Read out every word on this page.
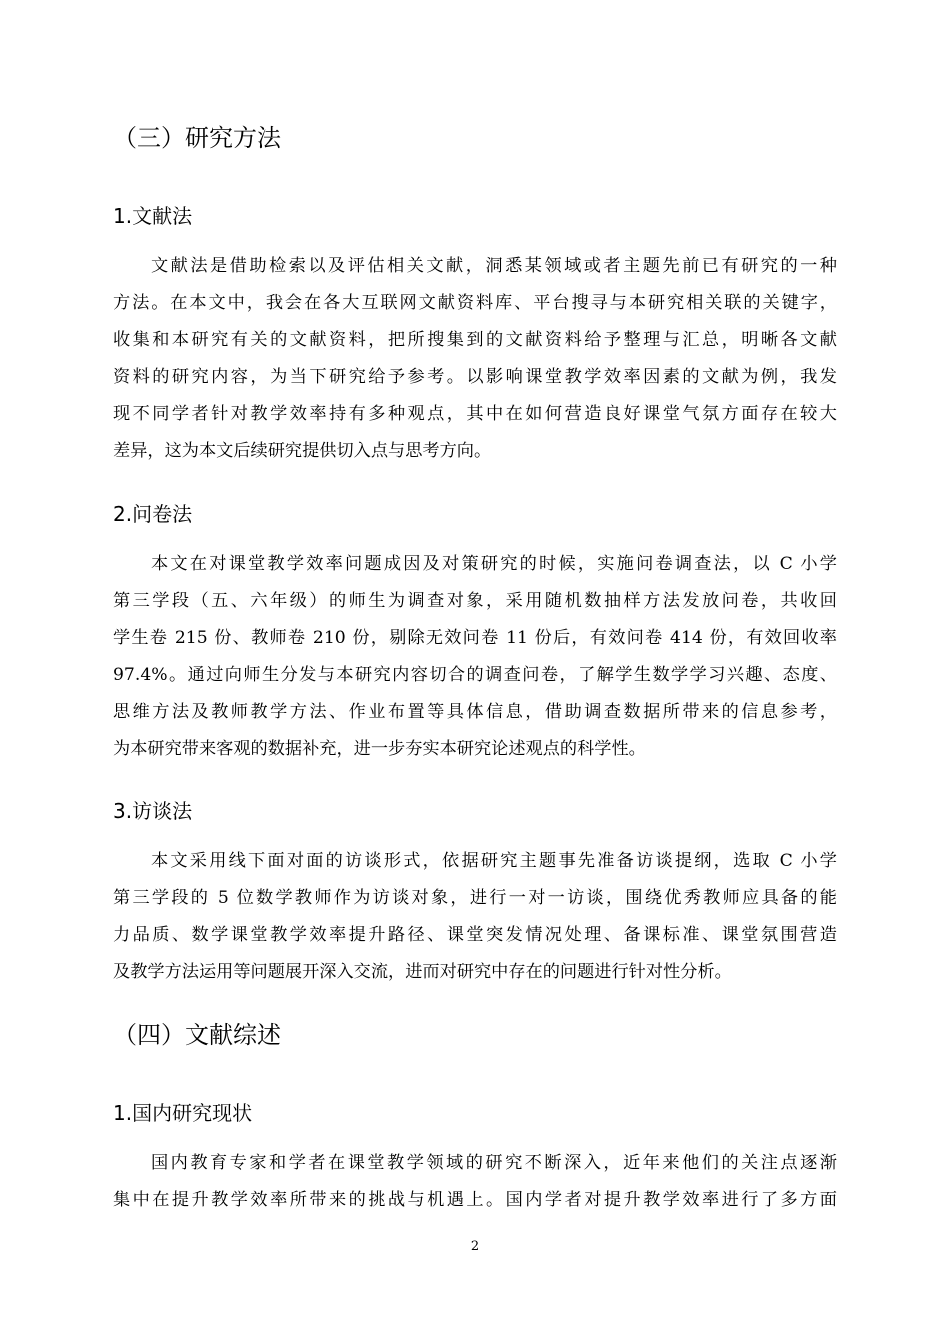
（三）研究方法
1.文献法
文献法是借助检索以及评估相关文献，洞悉某领域或者主题先前已有研究的一种
方法。在本文中，我会在各大互联网文献资料库、平台搜寻与本研究相关联的关键字，
收集和本研究有关的文献资料，把所搜集到的文献资料给予整理与汇总，明晰各文献
资料的研究内容，为当下研究给予参考。以影响课堂教学效率因素的文献为例，我发
现不同学者针对教学效率持有多种观点，其中在如何营造良好课堂气氛方面存在较大
差异，这为本文后续研究提供切入点与思考方向。
2.问卷法
本文在对课堂教学效率问题成因及对策研究的时候，实施问卷调查法，以 C 小学
第三学段（五、六年级）的师生为调查对象，采用随机数抽样方法发放问卷，共收回
学生卷 215 份、教师卷 210 份，剔除无效问卷 11 份后，有效问卷 414 份，有效回收率
97.4%。通过向师生分发与本研究内容切合的调查问卷，了解学生数学学习兴趣、态度、
思维方法及教师教学方法、作业布置等具体信息，借助调查数据所带来的信息参考，
为本研究带来客观的数据补充，进一步夯实本研究论述观点的科学性。
3.访谈法
本文采用线下面对面的访谈形式，依据研究主题事先准备访谈提纲，选取 C 小学
第三学段的 5 位数学教师作为访谈对象，进行一对一访谈，围绕优秀教师应具备的能
力品质、数学课堂教学效率提升路径、课堂突发情况处理、备课标准、课堂氛围营造
及教学方法运用等问题展开深入交流，进而对研究中存在的问题进行针对性分析。
（四）文献综述
1.国内研究现状
国内教育专家和学者在课堂教学领域的研究不断深入，近年来他们的关注点逐渐
集中在提升教学效率所带来的挑战与机遇上。国内学者对提升教学效率进行了多方面
2
